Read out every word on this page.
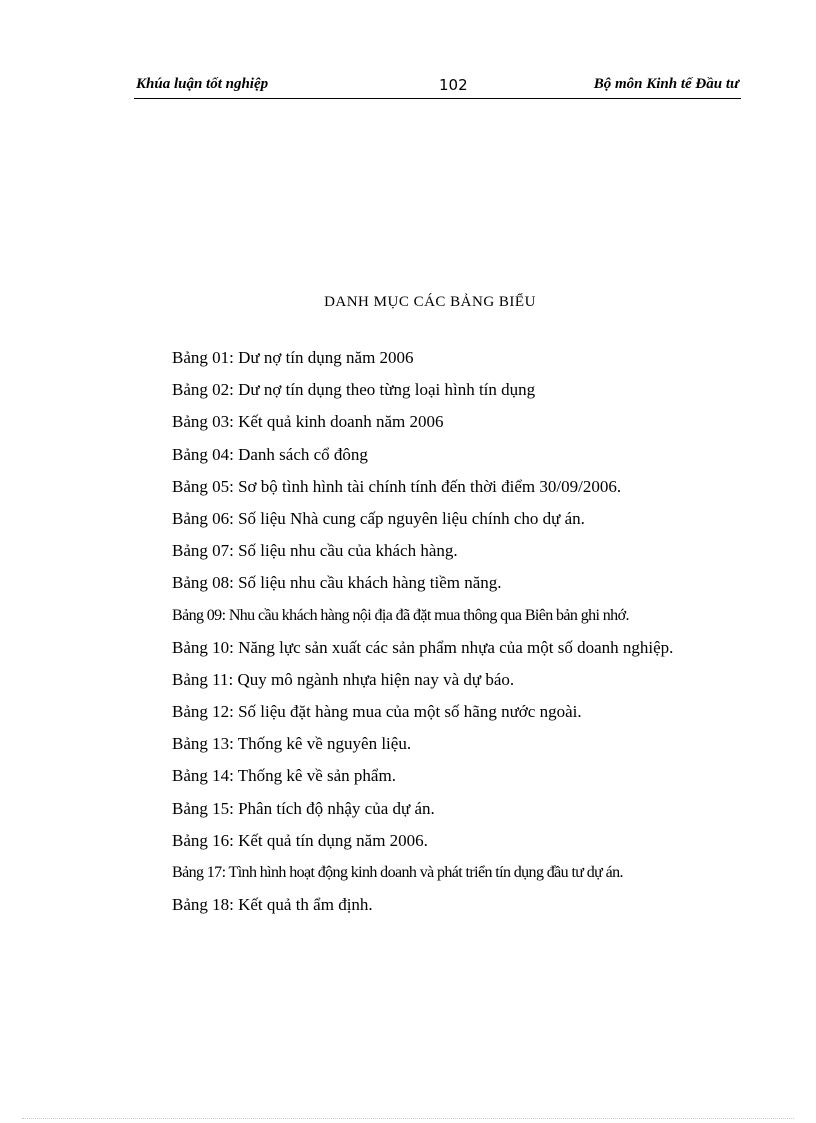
Khúa luận tốt nghiệp	102	Bộ môn Kinh tế Đầu tư
DANH MỤC CÁC BẢNG BIỂU
Bảng 01: Dư nợ tín dụng năm 2006
Bảng 02: Dư nợ tín dụng theo từng loại hình tín dụng
Bảng 03: Kết quả kinh doanh năm 2006
Bảng 04: Danh sách cổ đông
Bảng 05: Sơ bộ tình hình tài chính tính đến thời điểm 30/09/2006.
Bảng 06: Số liệu Nhà cung cấp nguyên liệu chính cho dự án.
Bảng 07: Số liệu nhu cầu của khách hàng.
Bảng 08: Số liệu nhu cầu khách hàng tiềm năng.
Bảng 09: Nhu cầu khách hàng nội địa đã đặt mua thông qua Biên bản ghi nhớ.
Bảng 10: Năng lực sản xuất các sản phẩm nhựa của một số doanh nghiệp.
Bảng 11: Quy mô ngành nhựa hiện nay và dự báo.
Bảng 12: Số liệu đặt hàng mua của một số hãng nước ngoài.
Bảng 13: Thống kê về nguyên liệu.
Bảng 14: Thống kê về sản phẩm.
Bảng 15: Phân tích độ nhậy của dự án.
Bảng 16: Kết quả tín dụng năm 2006.
Bảng 17: Tình hình hoạt động kinh doanh và phát triển tín dụng đầu tư dự án.
Bảng 18: Kết quả th ẩm định.
